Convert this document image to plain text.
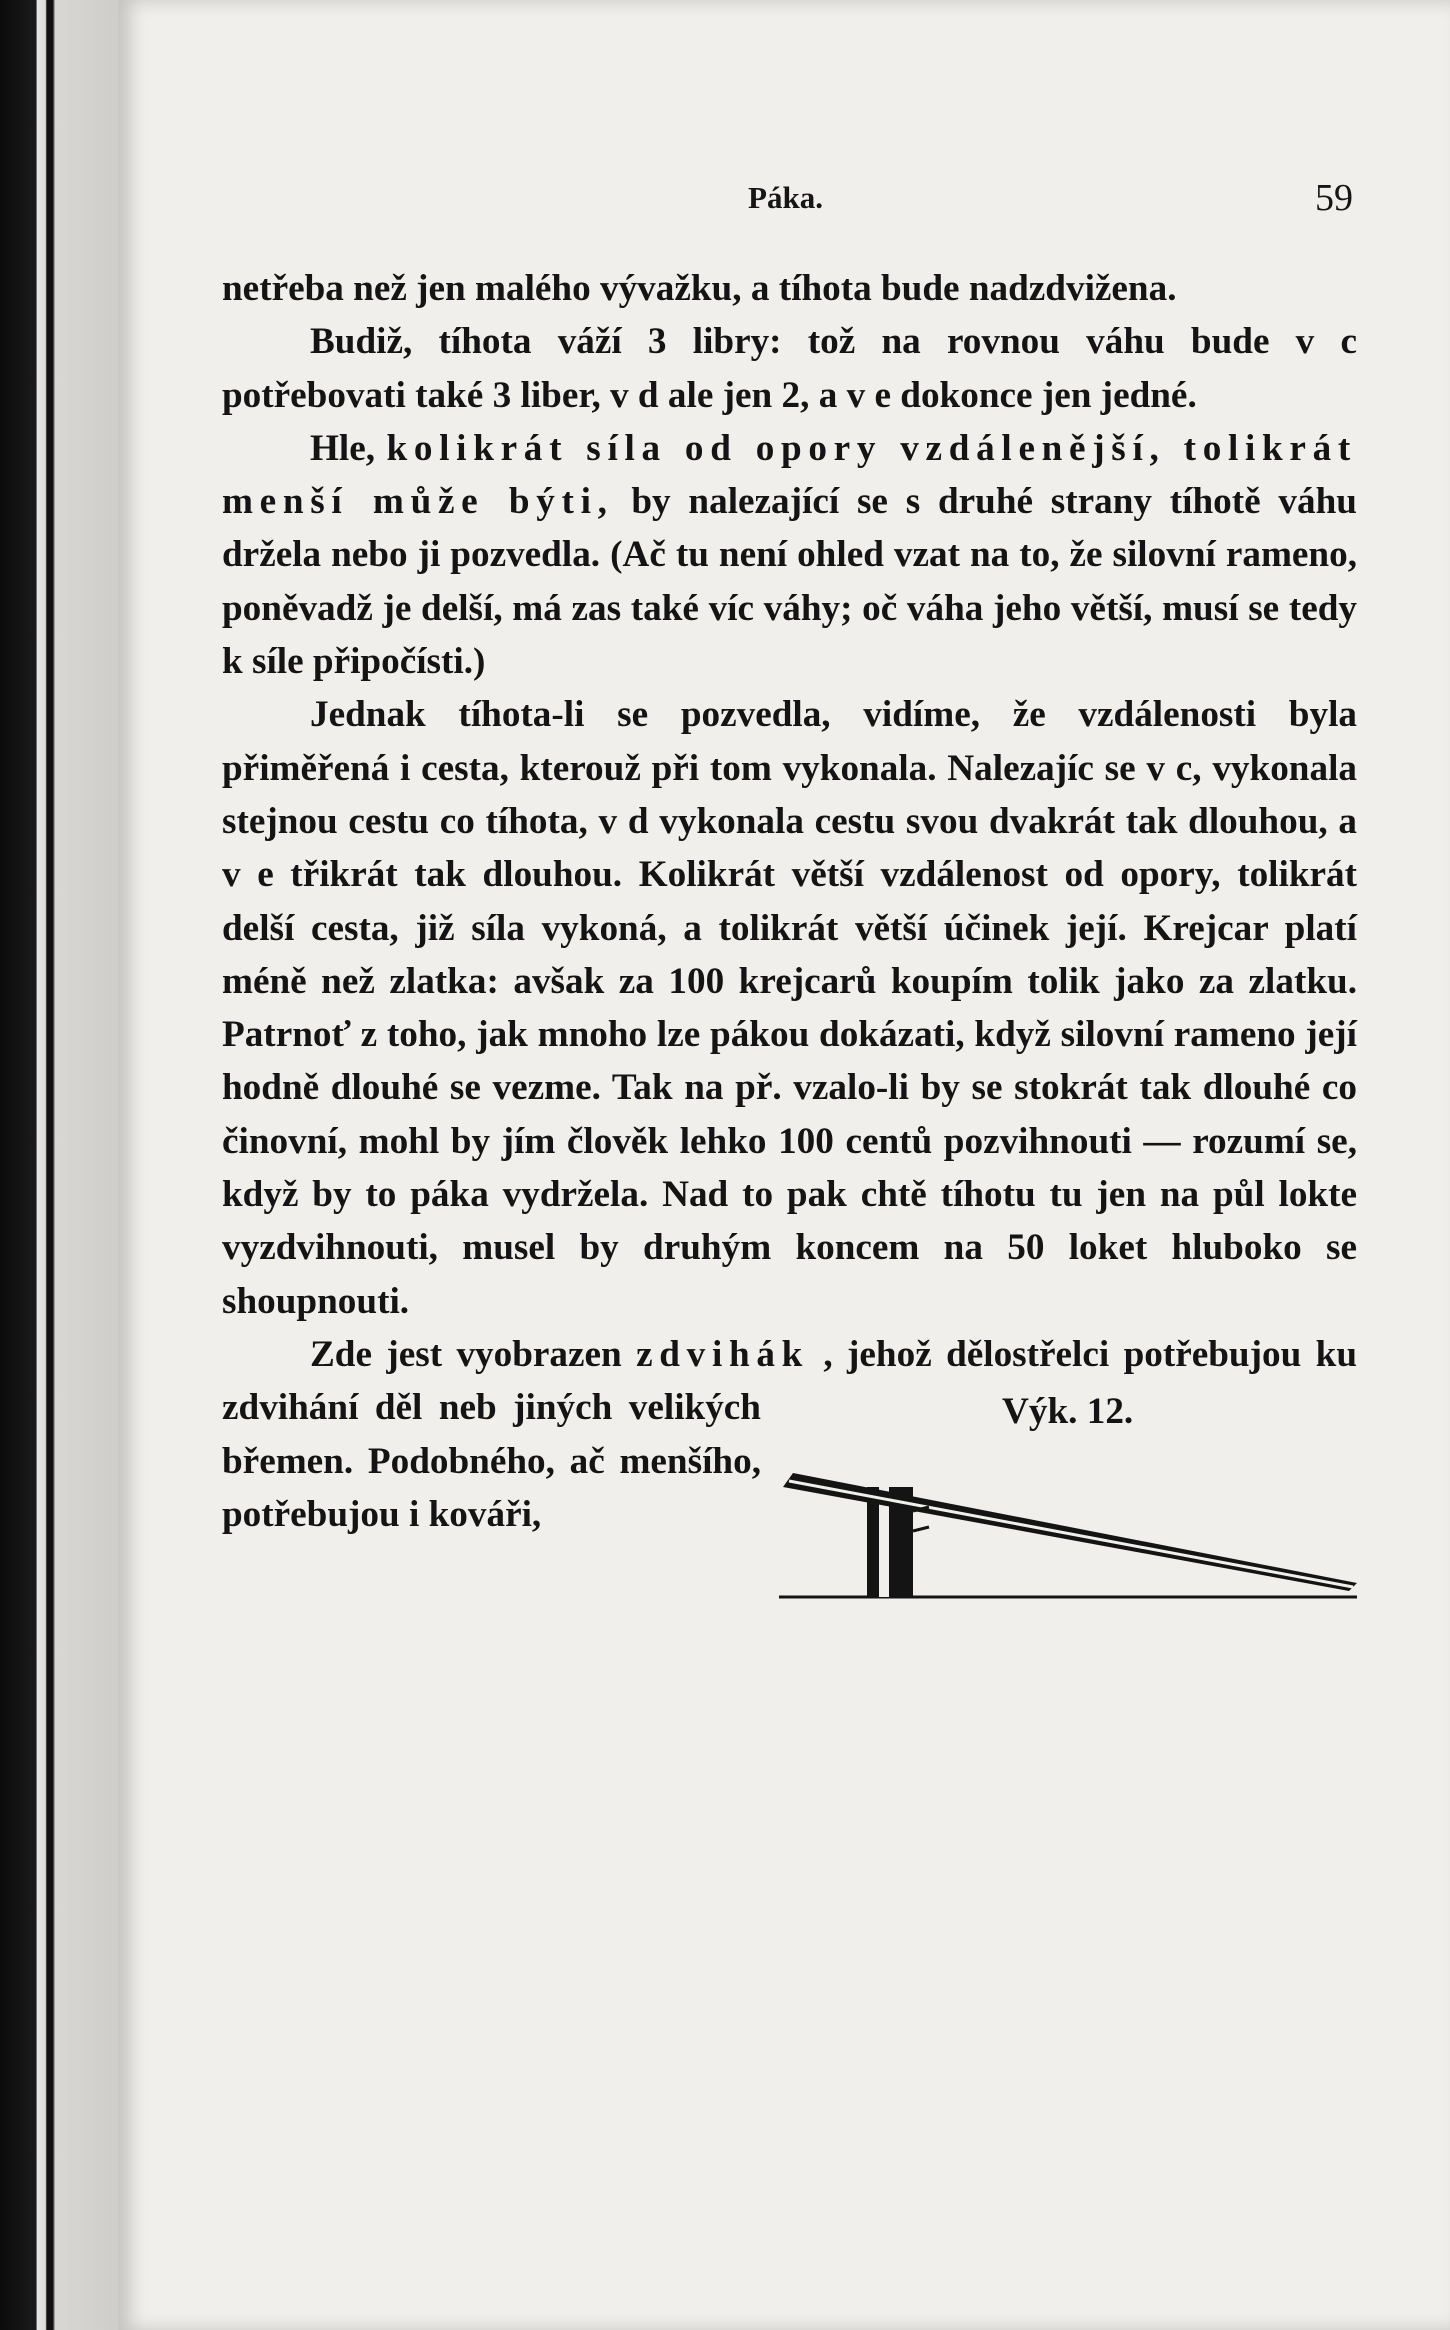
Páka.	59

netřeba než jen malého vývažku, a tíhota bude nadzdvižena.

Budiž, tíhota váží 3 libry: tož na rovnou váhu bude v c potřebovati také 3 liber, v d ale jen 2, a v e dokonce jen jedné.

Hle, kolikrát síla od opory vzdálenější, tolikrát menší může býti, by nalezající se s druhé strany tíhotě váhu držela nebo ji pozvedla. (Ač tu není ohled vzat na to, že silovní rameno, poněvadž je delší, má zas také víc váhy; oč váha jeho větší, musí se tedy k síle připočísti.)

Jednak tíhota-li se pozvedla, vidíme, že vzdálenosti byla přiměřená i cesta, kterouž při tom vykonala. Nalezajíc se v c, vykonala stejnou cestu co tíhota, v d vykonala cestu svou dvakrát tak dlouhou, a v e třikrát tak dlouhou. Kolikrát větší vzdálenost od opory, tolikrát delší cesta, již síla vykoná, a tolikrát větší účinek její. Krejcar platí méně než zlatka: avšak za 100 krejcarů koupím tolik jako za zlatku. Patrnoť z toho, jak mnoho lze pákou dokázati, když silovní rameno její hodně dlouhé se vezme. Tak na př. vzalo-li by se stokrát tak dlouhé co činovní, mohl by jím člověk lehko 100 centů pozvihnouti — rozumí se, když by to páka vydržela. Nad to pak chtě tíhotu tu jen na půl lokte vyzdvihnouti, musel by druhým koncem na 50 loket hluboko se shoupnouti.

Zde jest vyobrazen zdvihák
Výk. 12.
, jehož dělostřelci potřebujou ku zdvihání děl neb jiných velikých břemen. Podobného, ač menšího, potřebujou i kováři,
